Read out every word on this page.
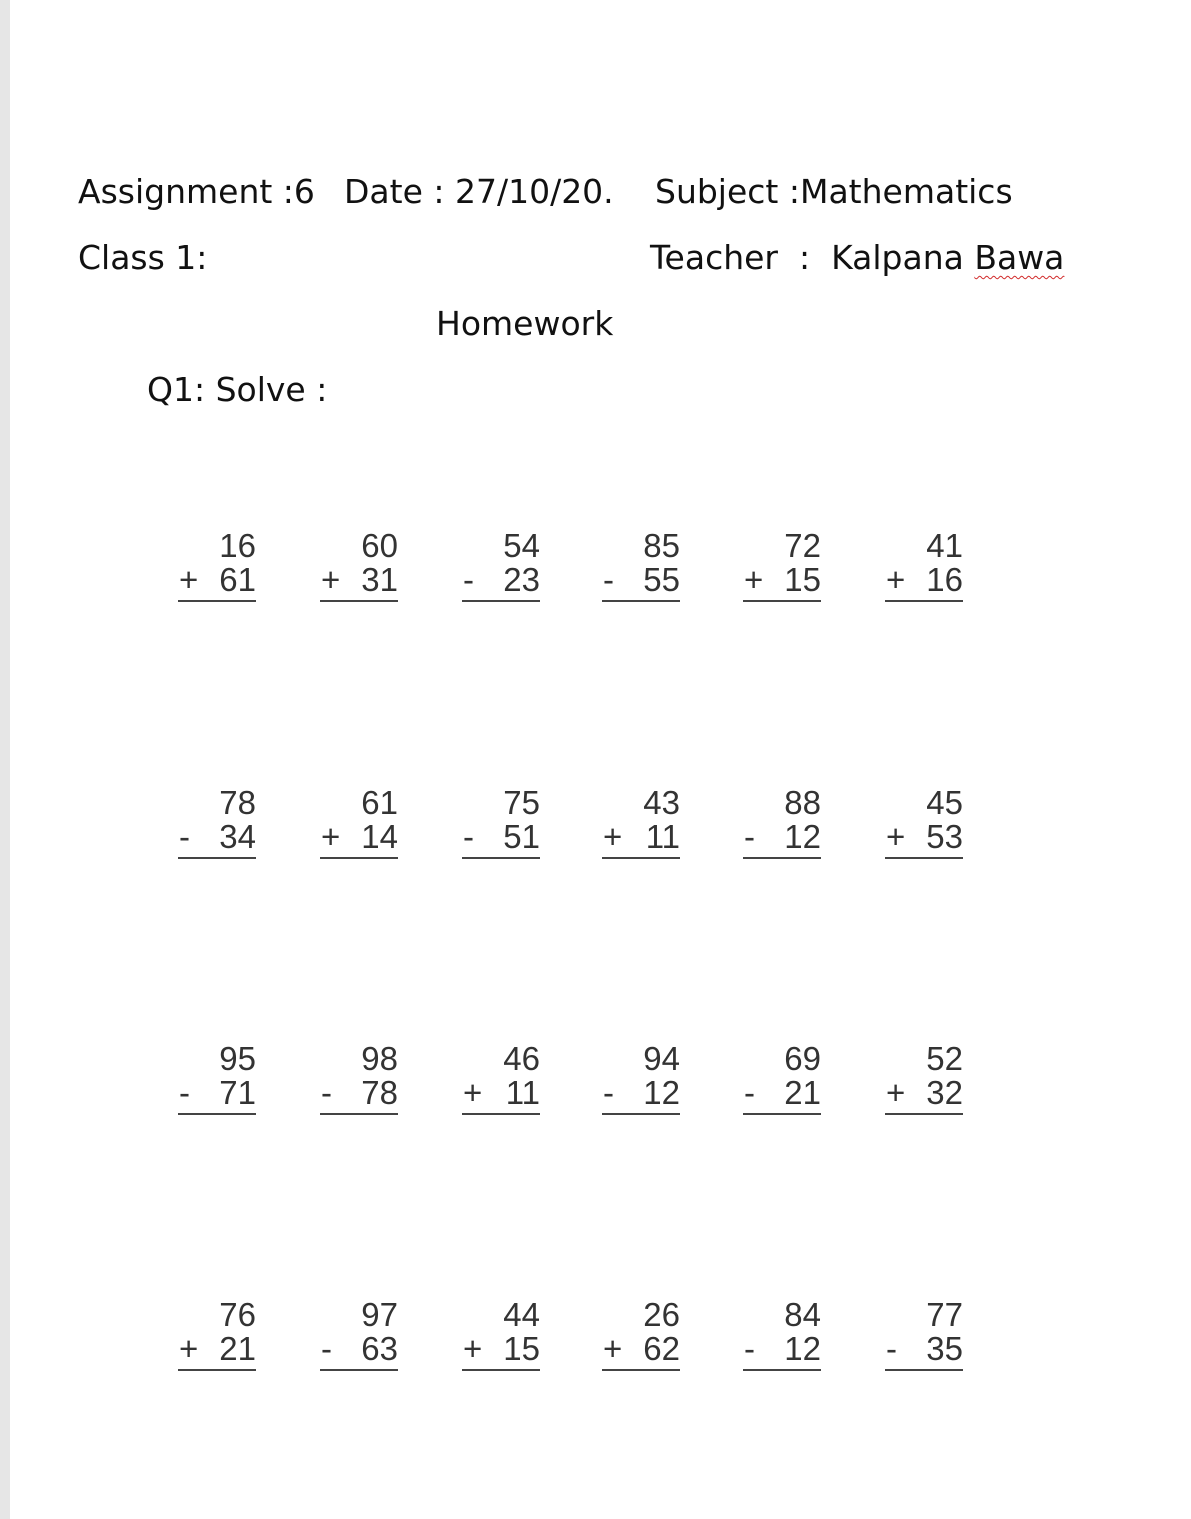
Assignment :6 Date : 27/10/20. Subject :Mathematics
Class 1:	Teacher  :  Kalpana Bawa
Homework
Q1: Solve :
16
+ 61
60
+ 31
54
- 23
85
- 55
72
+ 15
41
+ 16
78
- 34
61
+ 14
75
- 51
43
+ 11
88
- 12
45
+ 53
95
- 71
98
- 78
46
+ 11
94
- 12
69
- 21
52
+ 32
76
+ 21
97
- 63
44
+ 15
26
+ 62
84
- 12
77
- 35
